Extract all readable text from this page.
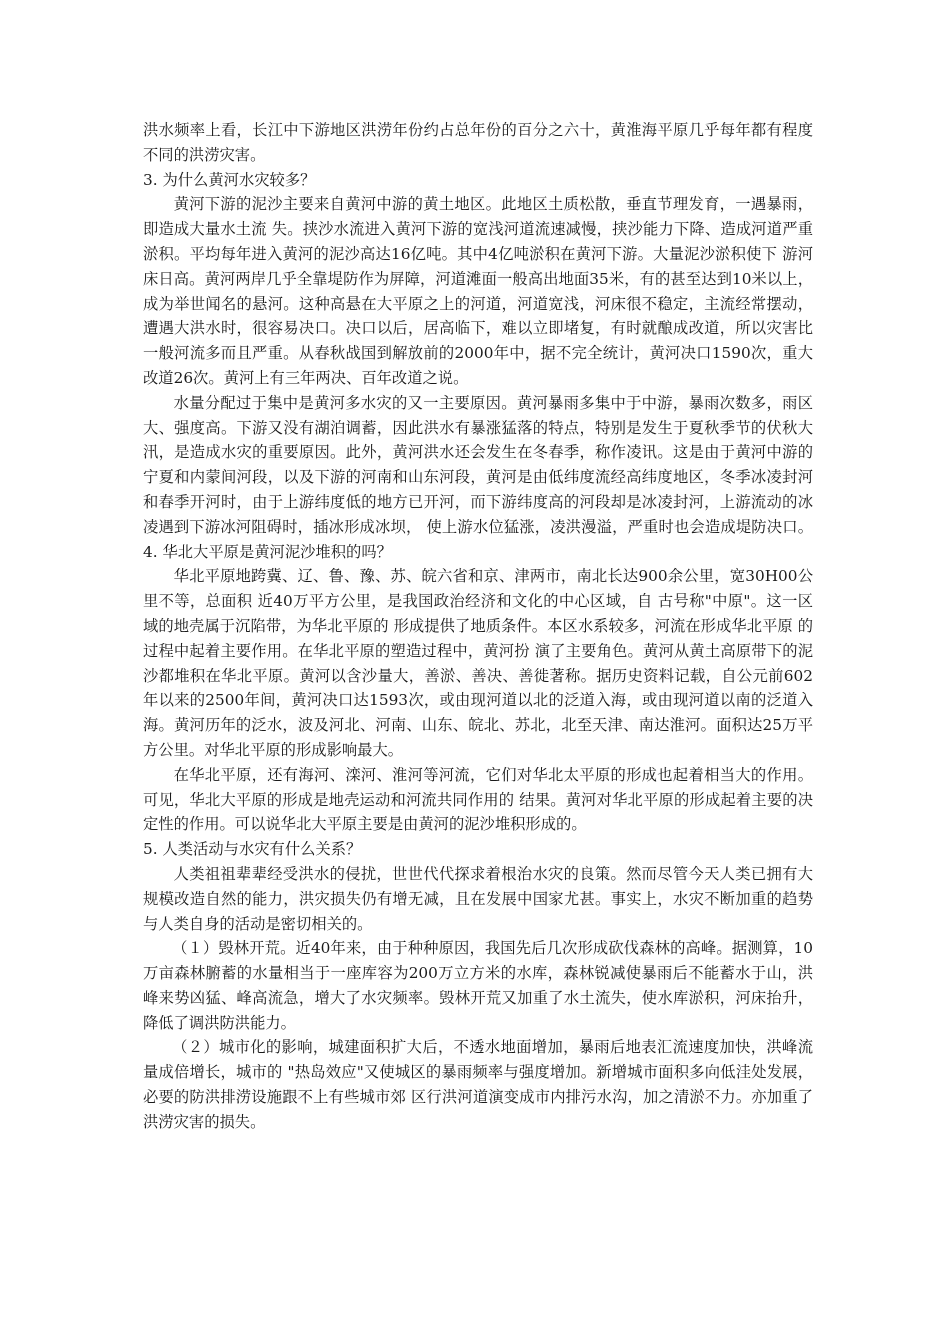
洪水频率上看，长江中下游地区洪涝年份约占总年份的百分之六十，黄淮海平原几乎每年都有程度不同的洪涝灾害。

3. 为什么黄河水灾较多？

黄河下游的泥沙主要来自黄河中游的黄土地区。此地区土质松散，垂直节理发育，一遇暴雨，即造成大量水土流 失。挟沙水流进入黄河下游的宽浅河道流速减慢，挟沙能力下降、造成河道严重淤积。平均每年进入黄河的泥沙高达16亿吨。其中4亿吨淤积在黄河下游。大量泥沙淤积使下 游河床日高。黄河两岸几乎全靠堤防作为屏障，河道滩面一般高出地面35米，有的甚至达到10米以上，成为举世闻名的悬河。这种高悬在大平原之上的河道，河道宽浅，河床很不稳定，主流经常摆动，遭遇大洪水时，很容易决口。决口以后，居高临下，难以立即堵复，有时就酿成改道，所以灾害比一般河流多而且严重。从春秋战国到解放前的2000年中，据不完全统计，黄河决口1590次，重大改道26次。黄河上有三年两决、百年改道之说。

水量分配过于集中是黄河多水灾的又一主要原因。黄河暴雨多集中于中游，暴雨次数多，雨区大、强度高。下游又没有湖泊调蓄，因此洪水有暴涨猛落的特点，特别是发生于夏秋季节的伏秋大汛，是造成水灾的重要原因。此外，黄河洪水还会发生在冬春季，称作凌讯。这是由于黄河中游的宁夏和内蒙间河段，以及下游的河南和山东河段，黄河是由低纬度流经高纬度地区，冬季冰凌封河和春季开河时，由于上游纬度低的地方已开河，而下游纬度高的河段却是冰凌封河，上游流动的冰凌遇到下游冰河阻碍时，插冰形成冰坝， 使上游水位猛涨，凌洪漫溢，严重时也会造成堤防决口。 4. 华北大平原是黄河泥沙堆积的吗？

华北平原地跨冀、辽、鲁、豫、苏、皖六省和京、津两市，南北长达900余公里，宽30H00公里不等，总面积 近40万平方公里，是我国政治经济和文化的中心区域，自 古号称"中原"。这一区域的地壳属于沉陷带，为华北平原的 形成提供了地质条件。本区水系较多，河流在形成华北平原 的过程中起着主要作用。在华北平原的塑造过程中，黄河扮 演了主要角色。黄河从黄土高原带下的泥沙都堆积在华北平原。黄河以含沙量大，善淤、善决、善徙著称。据历史资料记载，自公元前602年以来的2500年间，黄河决口达1593次，或由现河道以北的泛道入海，或由现河道以南的泛道入海。黄河历年的泛水，波及河北、河南、山东、皖北、苏北，北至天津、南达淮河。面积达25万平方公里。对华北平原的形成影响最大。

在华北平原，还有海河、滦河、淮河等河流，它们对华北太平原的形成也起着相当大的作用。 可见，华北大平原的形成是地壳运动和河流共同作用的 结果。黄河对华北平原的形成起着主要的决定性的作用。可以说华北大平原主要是由黄河的泥沙堆积形成的。

5. 人类活动与水灾有什么关系？

人类祖祖辈辈经受洪水的侵扰，世世代代探求着根治水灾的良策。然而尽管今天人类已拥有大规模改造自然的能力，洪灾损失仍有增无减，且在发展中国家尤甚。事实上，水灾不断加重的趋势与人类自身的活动是密切相关的。

（１）毁林开荒。近40年来，由于种种原因，我国先后几次形成砍伐森林的高峰。据测算，10万亩森林腑蓄的水量相当于一座库容为200万立方米的水库，森林锐减使暴雨后不能蓄水于山，洪峰来势凶猛、峰高流急，增大了水灾频率。毁林开荒又加重了水土流失，使水库淤积，河床抬升， 降低了调洪防洪能力。

（２）城市化的影响，城建面积扩大后，不透水地面增加，暴雨后地表汇流速度加快，洪峰流量成倍增长，城市的 "热岛效应"又使城区的暴雨频率与强度增加。新增城市面积多向低洼处发展，必要的防洪排涝设施跟不上有些城市郊 区行洪河道演变成市内排污水沟，加之清淤不力。亦加重了 洪涝灾害的损失。
